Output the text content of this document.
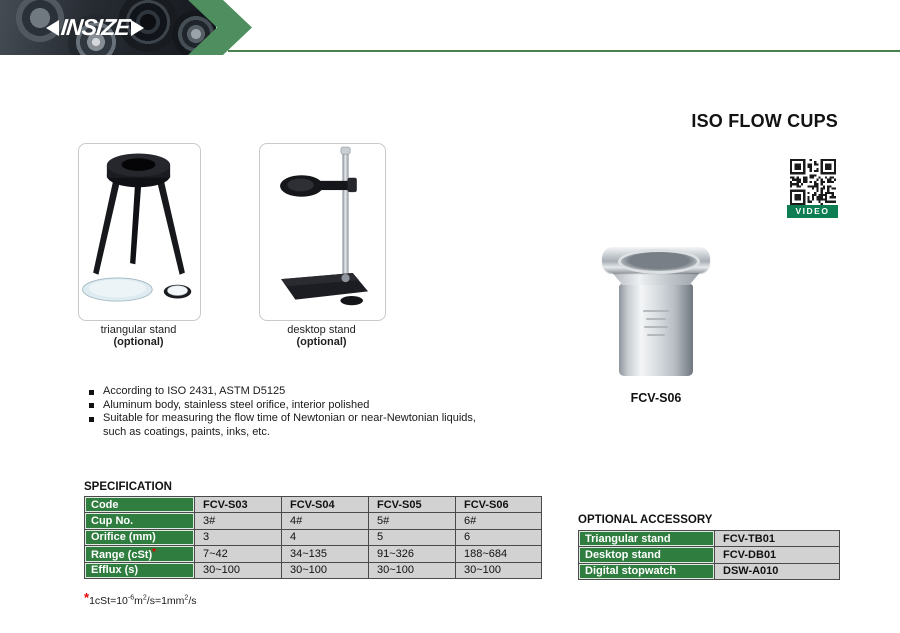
INSIZE
ISO FLOW CUPS
triangular stand
(optional)
desktop stand
(optional)
VIDEO
FCV-S06
According to ISO 2431, ASTM D5125
Aluminum body, stainless steel orifice, interior polished
Suitable for measuring the flow time of Newtonian or near-Newtonian liquids,
such as coatings, paints, inks, etc.
SPECIFICATION
Code	FCV-S03	FCV-S04	FCV-S05	FCV-S06
Cup No.	3#	4#	5#	6#
Orifice (mm)	3	4	5	6
Range (cSt)*	7~42	34~135	91~326	188~684
Efflux (s)	30~100	30~100	30~100	30~100
$*1cSt=10^{-6}m^2/s=1mm^2/s$
OPTIONAL ACCESSORY
Triangular stand	FCV-TB01
Desktop stand	FCV-DB01
Digital stopwatch	DSW-A010
